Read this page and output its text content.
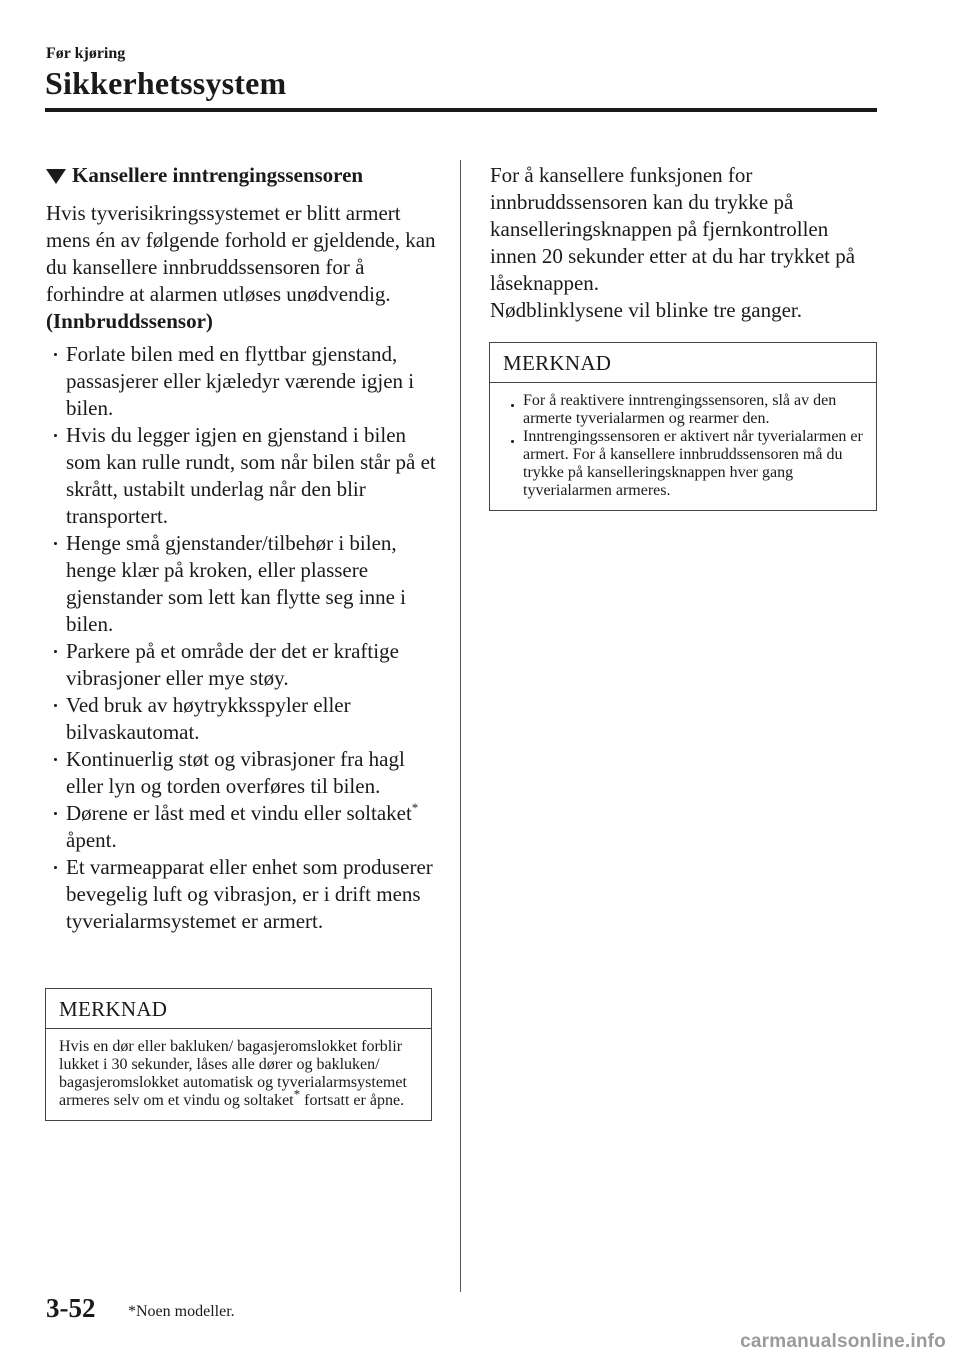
Før kjøring
Sikkerhetssystem
Kansellere inntrengingssensoren

Hvis tyverisikringssystemet er blitt armert mens én av følgende forhold er gjeldende, kan du kansellere innbruddssensoren for å forhindre at alarmen utløses unødvendig.

(Innbruddssensor)

Forlate bilen med en flyttbar gjenstand, passasjerer eller kjæledyr værende igjen i bilen.
Hvis du legger igjen en gjenstand i bilen som kan rulle rundt, som når bilen står på et skrått, ustabilt underlag når den blir transportert.
Henge små gjenstander/tilbehør i bilen, henge klær på kroken, eller plassere gjenstander som lett kan flytte seg inne i bilen.
Parkere på et område der det er kraftige vibrasjoner eller mye støy.
Ved bruk av høytrykksspyler eller bilvaskautomat.
Kontinuerlig støt og vibrasjoner fra hagl eller lyn og torden overføres til bilen.
Dørene er låst med et vindu eller soltaket* åpent.
Et varmeapparat eller enhet som produserer bevegelig luft og vibrasjon, er i drift mens tyverialarmsystemet er armert.
MERKNAD
Hvis en dør eller bakluken/ bagasjeromslokket forblir lukket i 30 sekunder, låses alle dører og bakluken/ bagasjeromslokket automatisk og tyverialarmsystemet armeres selv om et vindu og soltaket* fortsatt er åpne.

For å kansellere funksjonen for innbruddssensoren kan du trykke på kanselleringsknappen på fjernkontrollen innen 20 sekunder etter at du har trykket på låseknappen.

Nødblinklysene vil blinke tre ganger.

MERKNAD
For å reaktivere inntrengingssensoren, slå av den armerte tyverialarmen og rearmer den.
Inntrengingssensoren er aktivert når tyverialarmen er armert. For å kansellere innbruddssensoren må du trykke på kanselleringsknappen hver gang tyverialarmen armeres.
3-52 *Noen modeller.
carmanualsonline.info
